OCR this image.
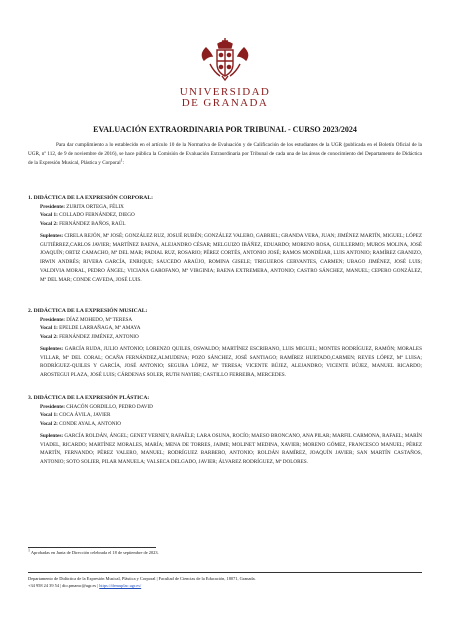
UNIVERSIDAD
DE GRANADA
EVALUACIÓN EXTRAORDINARIA POR TRIBUNAL - CURSO 2023/2024

Para dar cumplimiento a lo establecido en el artículo 10 de la Normativa de Evaluación y de Calificación de los estudiantes de la UGR (publicada en el Boletín Oficial de la UGR, nº 112, de 9 de noviembre de 2016), se hace pública la Comisión de Evaluación Extraordinaria por Tribunal de cada una de las áreas de conocimiento del Departamento de Didáctica de la Expresión Musical, Plástica y Corporal$^1$:

1. DIDÁCTICA DE LA EXPRESIÓN CORPORAL:

Presidente: ZURITA ORTEGA, FÉLIX

Vocal 1: COLLADO FERNÁNDEZ, DIEGO

Vocal 2: FERNÁNDEZ BAÑOS, RAÚL

Suplentes: CIRELA REJÓN, Mª JOSÉ; GONZÁLEZ RUZ, JOSUÉ RUBÉN; GONZÁLEZ VALERO, GABRIEL; GRANDA VERA, JUAN; JIMÉNEZ MARTÍN, MIGUEL; LÓPEZ GUTIÉRREZ,CARLOS JAVIER; MARTÍNEZ BAENA, ALEJANDRO CÉSAR; MELGUIZO IBÁÑEZ, EDUARDO; MORENO ROSA, GUILLERMO; MUROS MOLINA, JOSÉ JOAQUÍN; ORTIZ CAMACHO, Mª DEL MAR; PADIAL RUZ, ROSARIO; PÉREZ CORTÉS, ANTONIO JOSÉ; RAMOS MONDÉJAR, LUIS ANTONIO; RAMÍREZ GRANIZO, IRWIN ANDRÉS; RIVERA GARCÍA, ENRIQUE; SAUCEDO ARAÚJO, ROMINA GISELE; TRIGUEROS CERVANTES, CARMEN; UBAGO JIMÉNEZ, JOSÉ LUIS; VALDIVIA MORAL, PEDRO ÁNGEL; VICIANA GAROFANO, Mª VIRGINIA; BAENA EXTREMERA, ANTONIO; CASTRO SÁNCHEZ, MANUEL; CEPERO GONZÁLEZ, Mª DEL MAR; CONDE CAVEDA, JOSÉ LUIS.

2. DIDÁCTICA DE LA EXPRESIÓN MUSICAL:

Presidente: DÍAZ MOHEDO, Mª TERESA

Vocal 1: EPELDE LARRAÑAGA, Mª AMAYA

Vocal 2: FERNÁNDEZ JIMÉNEZ, ANTONIO

Suplentes: GARCÍA RUDA, JULIO ANTONIO; LORENZO QUILES, OSWALDO; MARTÍNEZ ESCRIBANO, LUIS MIGUEL; MONTES RODRÍGUEZ, RAMÓN; MORALES VILLAR, Mª DEL CORAL; OCAÑA FERNÁNDEZ,ALMUDENA; POZO SÁNCHEZ, JOSÉ SANTIAGO; RAMÍREZ HURTADO,CARMEN; REYES LÓPEZ, Mª LUISA; RODRÍGUEZ-QUILES Y GARCÍA, JOSÉ ANTONIO; SEGURA LÓPEZ, Mª TERESA; VICENTE BÚJEZ, ALEJANDRO; VICENTE BÚJEZ, MANUEL RICARDO; AROSTEGUI PLAZA, JOSÉ LUIS; CÁRDENAS SOLER, RUTH NAYIBE; CASTILLO FERREIRA, MERCEDES.

3. DIDÁCTICA DE LA EXPRESIÓN PLÁSTICA:

Presidente: CHACÓN GORDILLO, PEDRO DAVID

Vocal 1: COCA ÁVILA, JAVIER

Vocal 2: CONDE AYALA, ANTONIO

Suplentes: GARCÍA ROLDÁN, ÁNGEL; GENET VERNEY, RAFAËLE; LARA OSUNA, ROCÍO; MAESO BRONCANO, ANA PILAR; MARFIL CARMONA, RAFAEL; MARÍN VIADEL, RICARDO; MARTÍNEZ MORALES, MARÍA; MENA DE TORRES, JAIME; MOLINET MEDINA, XAVIER; MORENO GÓMEZ, FRANCESCO MANUEL; PÉREZ MARTÍN, FERNANDO; PÉREZ VALERO, MANUEL; RODRÍGUEZ BARBERO, ANTONIO; ROLDÁN RAMÍREZ, JOAQUÍN JAVIER; SAN MARTÍN CASTAÑOS, ANTONIO; SOTO SOLIER, PILAR MANUELA; VALSECA DELGADO, JAVIER; ÁLVAREZ RODRÍGUEZ, Mª DOLORES.

1 Aprobadas en Junta de Dirección celebrada el 18 de septiembre de 2023.
Departamento de Didáctica de la Expresión Musical, Plástica y Corporal | Facultad de Ciencias de la Educación, 18071, Granada.
+34 958 24 39 54 | dio.pmamc@ugr.es | https://demuplac.ugr.es/
